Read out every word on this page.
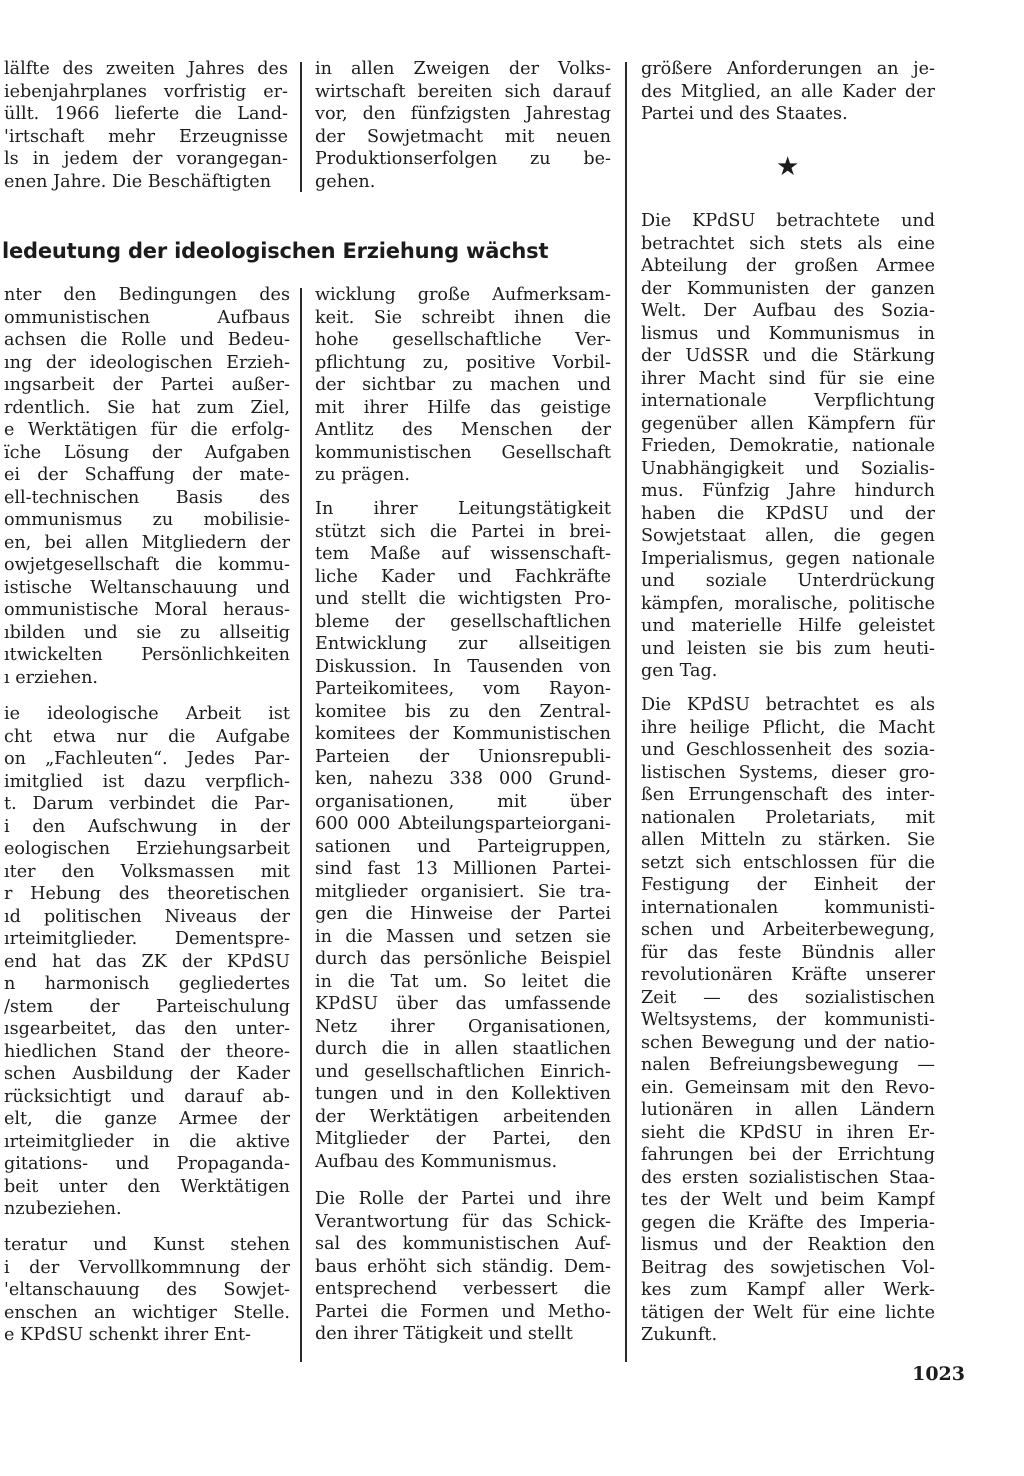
ledeutung der ideologischen Erziehung wächst
lälfte des zweiten Jahres des
iebenjahrplanes vorfristig er-
üllt. 1966 lieferte die Land-
'irtschaft mehr Erzeugnisse
ls in jedem der vorangegan-
enen Jahre. Die Beschäftigten
in allen Zweigen der Volks-
wirtschaft bereiten sich darauf
vor, den fünfzigsten Jahrestag
der Sowjetmacht mit neuen
Produktionserfolgen zu be-
gehen.
größere Anforderungen an je-
des Mitglied, an alle Kader der
Partei und des Staates.
★
nter den Bedingungen des
ommunistischen Aufbaus
achsen die Rolle und Bedeu-
ıng der ideologischen Erzieh-
ıngsarbeit der Partei außer-
rdentlich. Sie hat zum Ziel,
e Werktätigen für die erfolg-
ïche Lösung der Aufgaben
ei der Schaffung der mate-
ell-technischen Basis des
ommunismus zu mobilisie-
en, bei allen Mitgliedern der
owjetgesellschaft die kommu-
istische Weltanschauung und
ommunistische Moral heraus-
ıbilden und sie zu allseitig
ıtwickelten Persönlichkeiten
ı erziehen.
ie ideologische Arbeit ist
cht etwa nur die Aufgabe
on „Fachleuten“. Jedes Par-
imitglied ist dazu verpflich-
t. Darum verbindet die Par-
i den Aufschwung in der
eologischen Erziehungsarbeit
ıter den Volksmassen mit
r Hebung des theoretischen
ıd politischen Niveaus der
ırteimitglieder. Dementspre-
end hat das ZK der KPdSU
n harmonisch gegliedertes
/stem der Parteischulung
ısgearbeitet, das den unter-
hiedlichen Stand der theore-
schen Ausbildung der Kader
rücksichtigt und darauf ab-
elt, die ganze Armee der
ırteimitglieder in die aktive
gitations- und Propaganda-
beit unter den Werktätigen
nzubeziehen.
teratur und Kunst stehen
i der Vervollkommnung der
'eltanschauung des Sowjet-
enschen an wichtiger Stelle.
e KPdSU schenkt ihrer Ent-
wicklung große Aufmerksam-
keit. Sie schreibt ihnen die
hohe gesellschaftliche Ver-
pflichtung zu, positive Vorbil-
der sichtbar zu machen und
mit ihrer Hilfe das geistige
Antlitz des Menschen der
kommunistischen Gesellschaft
zu prägen.
In ihrer Leitungstätigkeit
stützt sich die Partei in brei-
tem Maße auf wissenschaft-
liche Kader und Fachkräfte
und stellt die wichtigsten Pro-
bleme der gesellschaftlichen
Entwicklung zur allseitigen
Diskussion. In Tausenden von
Parteikomitees, vom Rayon-
komitee bis zu den Zentral-
komitees der Kommunistischen
Parteien der Unionsrepubli-
ken, nahezu 338 000 Grund-
organisationen, mit über
600 000 Abteilungsparteiorgani-
sationen und Parteigruppen,
sind fast 13 Millionen Partei-
mitglieder organisiert. Sie tra-
gen die Hinweise der Partei
in die Massen und setzen sie
durch das persönliche Beispiel
in die Tat um. So leitet die
KPdSU über das umfassende
Netz ihrer Organisationen,
durch die in allen staatlichen
und gesellschaftlichen Einrich-
tungen und in den Kollektiven
der Werktätigen arbeitenden
Mitglieder der Partei, den
Aufbau des Kommunismus.
Die Rolle der Partei und ihre
Verantwortung für das Schick-
sal des kommunistischen Auf-
baus erhöht sich ständig. Dem-
entsprechend verbessert die
Partei die Formen und Metho-
den ihrer Tätigkeit und stellt
Die KPdSU betrachtete und
betrachtet sich stets als eine
Abteilung der großen Armee
der Kommunisten der ganzen
Welt. Der Aufbau des Sozia-
lismus und Kommunismus in
der UdSSR und die Stärkung
ihrer Macht sind für sie eine
internationale Verpflichtung
gegenüber allen Kämpfern für
Frieden, Demokratie, nationale
Unabhängigkeit und Sozialis-
mus. Fünfzig Jahre hindurch
haben die KPdSU und der
Sowjetstaat allen, die gegen
Imperialismus, gegen nationale
und soziale Unterdrückung
kämpfen, moralische, politische
und materielle Hilfe geleistet
und leisten sie bis zum heuti-
gen Tag.
Die KPdSU betrachtet es als
ihre heilige Pflicht, die Macht
und Geschlossenheit des sozia-
listischen Systems, dieser gro-
ßen Errungenschaft des inter-
nationalen Proletariats, mit
allen Mitteln zu stärken. Sie
setzt sich entschlossen für die
Festigung der Einheit der
internationalen kommunisti-
schen und Arbeiterbewegung,
für das feste Bündnis aller
revolutionären Kräfte unserer
Zeit — des sozialistischen
Weltsystems, der kommunisti-
schen Bewegung und der natio-
nalen Befreiungsbewegung —
ein. Gemeinsam mit den Revo-
lutionären in allen Ländern
sieht die KPdSU in ihren Er-
fahrungen bei der Errichtung
des ersten sozialistischen Staa-
tes der Welt und beim Kampf
gegen die Kräfte des Imperia-
lismus und der Reaktion den
Beitrag des sowjetischen Vol-
kes zum Kampf aller Werk-
tätigen der Welt für eine lichte
Zukunft.
1023
